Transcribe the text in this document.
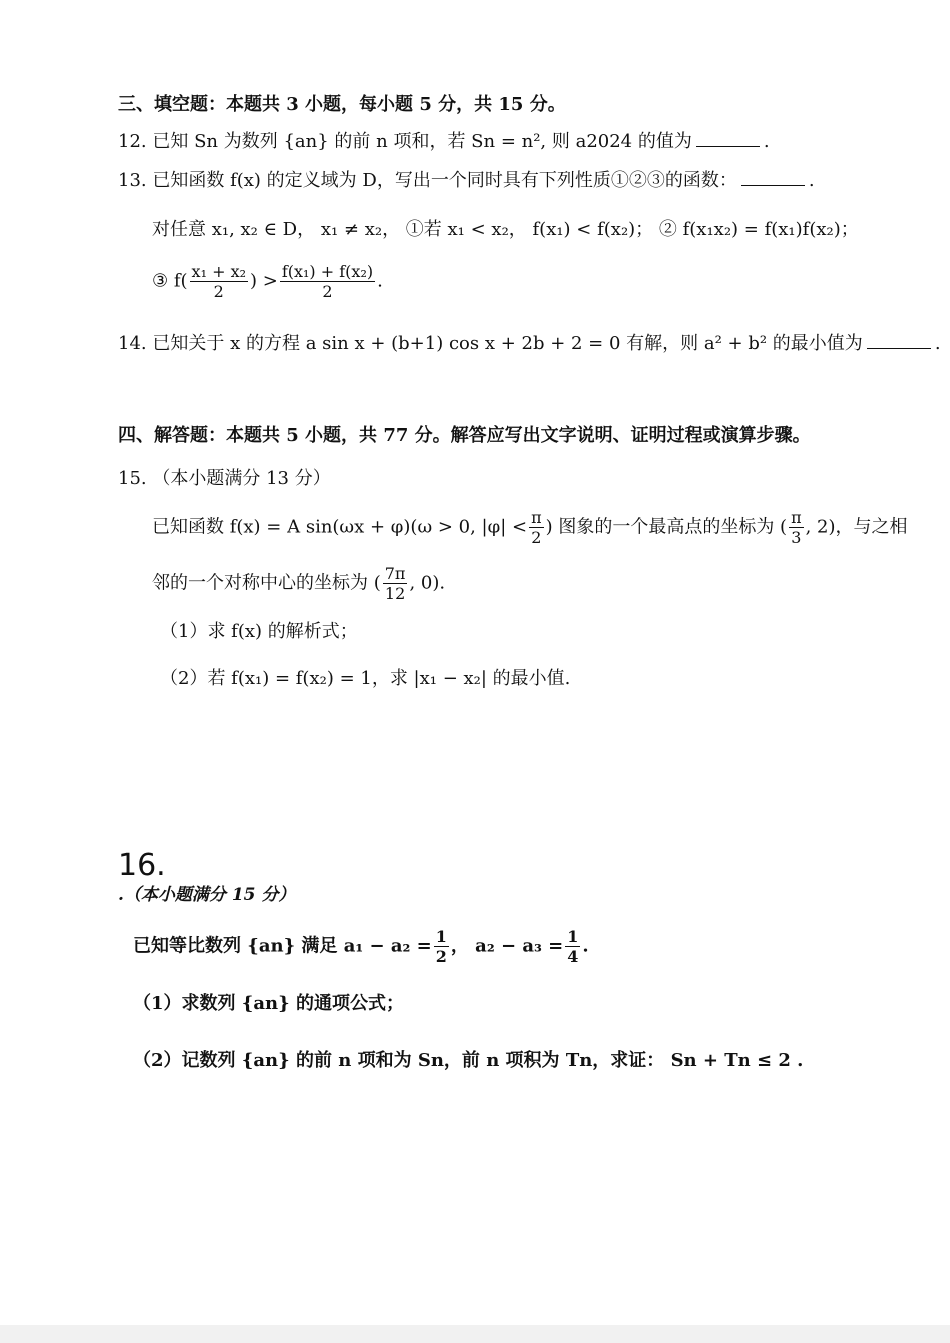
三、填空题：本题共 3 小题，每小题 5 分，共 15 分。
12. 已知 Sn 为数列 {an} 的前 n 项和，若 Sn = n², 则 a2024 的值为	.
13. 已知函数 f(x) 的定义域为 D，写出一个同时具有下列性质①②③的函数：	.
对任意 x₁, x₂ ∈ D， x₁ ≠ x₂， ①若 x₁ < x₂， f(x₁) < f(x₂)； ② f(x₁x₂) = f(x₁)f(x₂)；
③ $f( \frac{\text{x₁ + x₂}}{2}$ ) > $\frac{\text{f(x₁) + f(x₂)}}{2}$ .
14. 已知关于 x 的方程 a sin x + (b+1) cos x + 2b + 2 = 0 有解，则 a² + b² 的最小值为	.
四、解答题：本题共 5 小题，共 77 分。解答应写出文字说明、证明过程或演算步骤。
15. （本小题满分 13 分）
已知函数 f(x) = A sin(ωx + φ)(ω > 0, $|\varphi| < \frac{\pi}{2}$ ) 图象的一个最高点的坐标为 ( $\frac{\pi}{3}$ , 2)，与之相
邻的一个对称中心的坐标为 ( $\frac{7\pi}{12}$ , 0).
（1）求 f(x) 的解析式；
（2）若 f(x₁) = f(x₂) = 1，求 |x₁ − x₂| 的最小值.
16.
.（本小题满分 15 分）
已知等比数列 {an} 满足 $a_1 - a_2 = \frac{1}{2}$ ， $a_2 - a_3 = \frac{1}{4}$ .
（1）求数列 {an} 的通项公式；
（2）记数列 {an} 的前 n 项和为 Sn，前 n 项积为 Tn，求证： Sn + Tn ≤ 2 .
